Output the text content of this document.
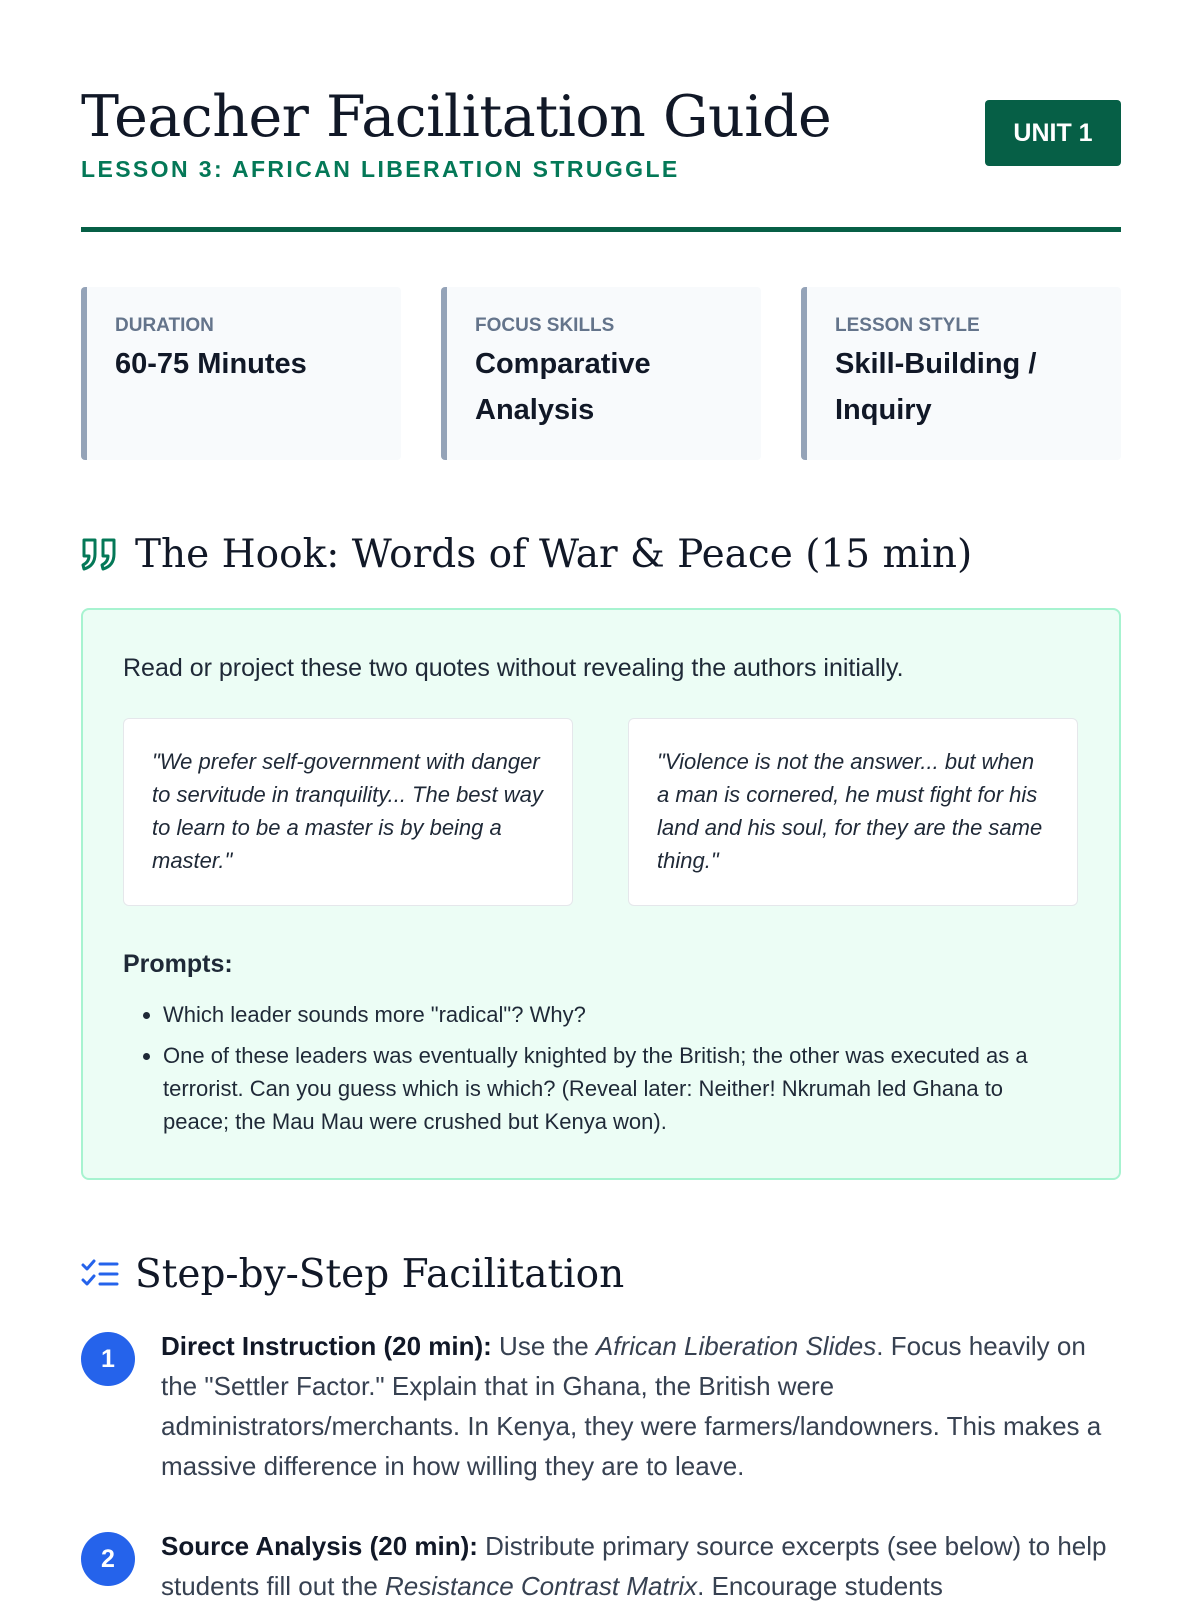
Teacher Facilitation Guide
LESSON 3: AFRICAN LIBERATION STRUGGLE
UNIT 1
DURATION
60-75 Minutes
FOCUS SKILLS
Comparative Analysis
LESSON STYLE
Skill-Building / Inquiry
The Hook: Words of War & Peace (15 min)
Read or project these two quotes without revealing the authors initially.
"We prefer self-government with danger to servitude in tranquility... The best way to learn to be a master is by being a master."
"Violence is not the answer... but when a man is cornered, he must fight for his land and his soul, for they are the same thing."
Prompts:
• Which leader sounds more "radical"? Why?
• One of these leaders was eventually knighted by the British; the other was executed as a terrorist. Can you guess which is which? (Reveal later: Neither! Nkrumah led Ghana to peace; the Mau Mau were crushed but Kenya won).
Step-by-Step Facilitation
1	Direct Instruction (20 min): Use the African Liberation Slides. Focus heavily on the "Settler Factor." Explain that in Ghana, the British were administrators/merchants. In Kenya, they were farmers/landowners. This makes a massive difference in how willing they are to leave.
2	Source Analysis (20 min): Distribute primary source excerpts (see below) to help students fill out the Resistance Contrast Matrix. Encourage students
